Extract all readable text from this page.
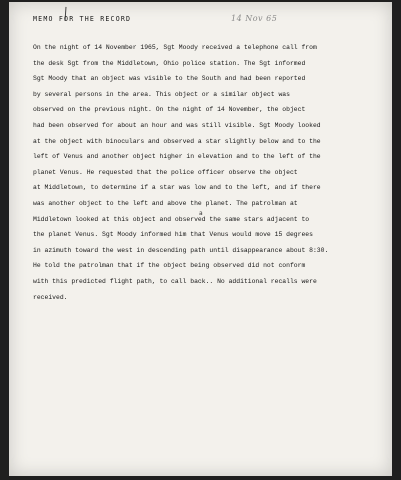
14 Nov 65
MEMO FOR THE RECORD
On the night of 14 November 1965, Sgt Moody received a telephone call from
the desk Sgt from the Middletown, Ohio police station. The Sgt informed
Sgt Moody that an object was visible to the South and had been reported
by several persons in the area. This object or a similar object was
observed on the previous night. On the night of 14 November, the object
had been observed for about an hour and was still visible. Sgt Moody looked
at the object with binoculars and observed a star slightly below and to the
left of Venus and another object higher in elevation and to the left of the
planet Venus. He requested that the police officer observe the object
at Middletown, to determine if a star was low and to the left, and if there
was another object to the left and above the planet. The patrolman at
Middletown looked at this object and observed the same stars adjacent to
the planet Venus. Sgt Moody informed him that Venus would move 15 degrees
in azimuth toward the west in descending path until disappearance about 8:30.
He told the patrolman that if the object being observed did not conform
with this predicted flight path, to call back.. No additional recalls were
received.
a
